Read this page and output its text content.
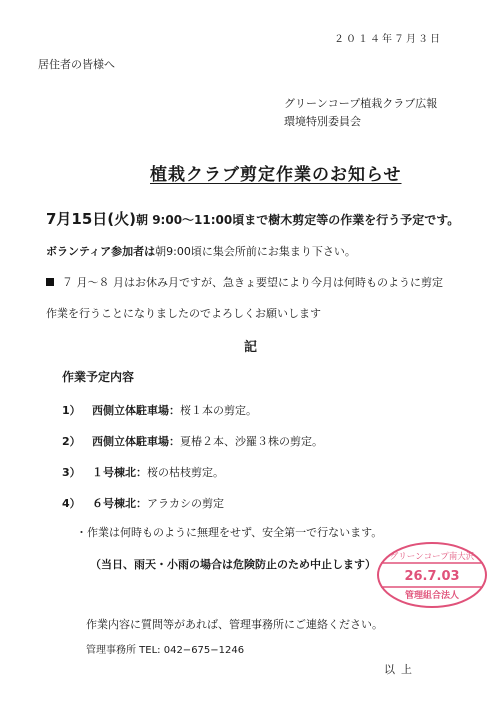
２０１４年７月３日
居住者の皆様へ
グリーンコープ植栽クラブ広報
環境特別委員会
植栽クラブ剪定作業のお知らせ
7月15日(火)朝 9:00～11:00頃まで樹木剪定等の作業を行う予定です。
ボランティア参加者は朝9:00頃に集会所前にお集まり下さい。
７ 月～８ 月はお休み月ですが、急きょ要望により今月は何時ものように剪定
作業を行うことになりましたのでよろしくお願いします
記
作業予定内容
1） 西側立体駐車場：桜１本の剪定。
2） 西側立体駐車場：夏椿２本、沙羅３株の剪定。
3） １号棟北：桜の枯枝剪定。
4） ６号棟北：アラカシの剪定
・作業は何時ものように無理をせず、安全第一で行ないます。
（当日、雨天・小雨の場合は危険防止のため中止します）
作業内容に質問等があれば、管理事務所にご連絡ください。
管理事務所 TEL: 042−675−1246
以上
グリーンコープ南大沢
26.7.03
管理組合法人
